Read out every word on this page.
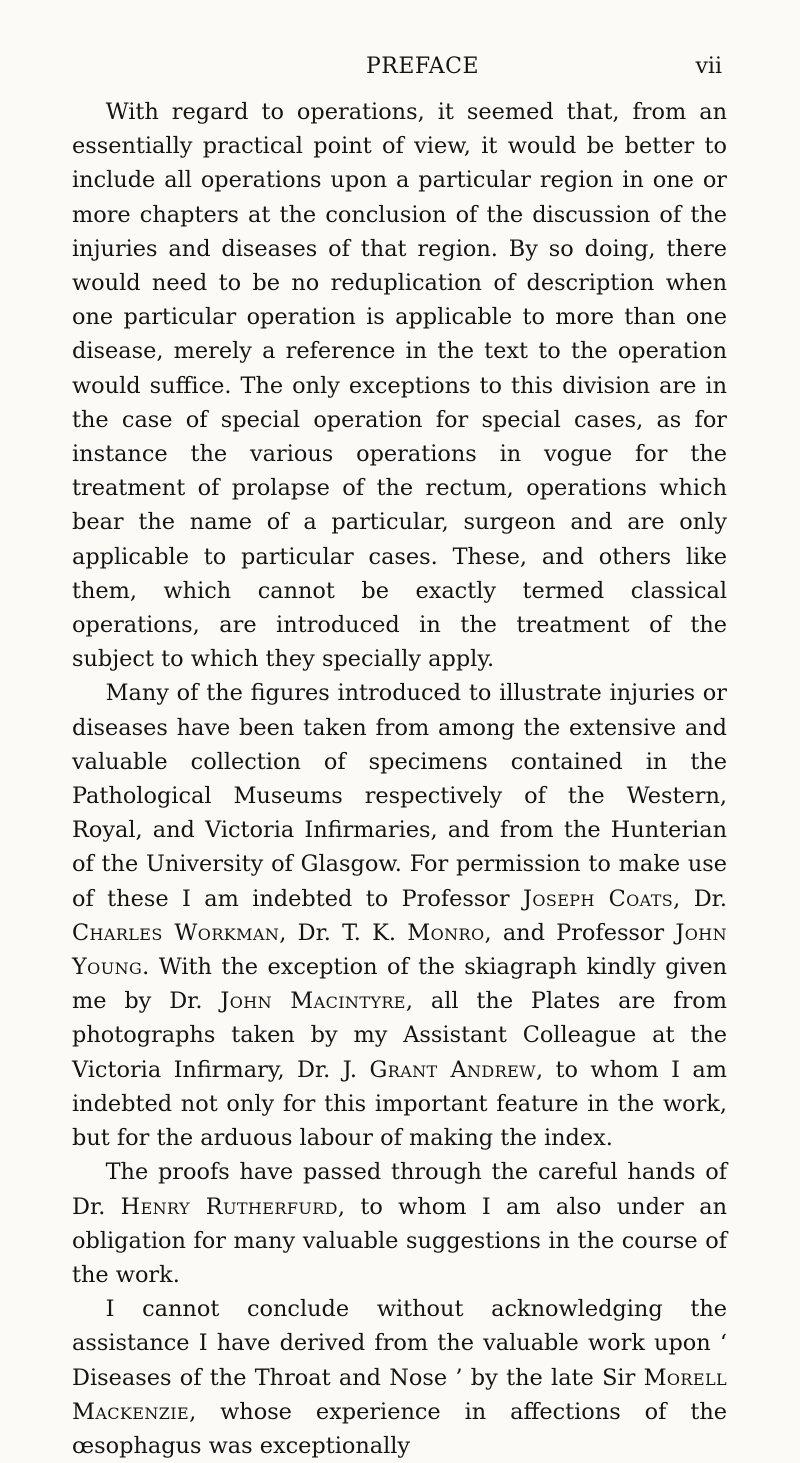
PREFACE	vii

With regard to operations, it seemed that, from an essentially practical point of view, it would be better to include all operations upon a particular region in one or more chapters at the conclusion of the discussion of the injuries and diseases of that region. By so doing, there would need to be no reduplication of description when one particular operation is applicable to more than one disease, merely a reference in the text to the operation would suffice. The only exceptions to this division are in the case of special operation for special cases, as for instance the various operations in vogue for the treatment of prolapse of the rectum, operations which bear the name of a particular, surgeon and are only applicable to particular cases. These, and others like them, which cannot be exactly termed classical operations, are introduced in the treatment of the subject to which they specially apply.

Many of the figures introduced to illustrate injuries or diseases have been taken from among the extensive and valuable collection of specimens contained in the Pathological Museums respectively of the Western, Royal, and Victoria Infirmaries, and from the Hunterian of the University of Glasgow. For permission to make use of these I am indebted to Professor Joseph Coats, Dr. Charles Workman, Dr. T. K. Monro, and Professor John Young. With the exception of the skiagraph kindly given me by Dr. John Macintyre, all the Plates are from photographs taken by my Assistant Colleague at the Victoria Infirmary, Dr. J. Grant Andrew, to whom I am indebted not only for this important feature in the work, but for the arduous labour of making the index.

The proofs have passed through the careful hands of Dr. Henry Rutherfurd, to whom I am also under an obligation for many valuable suggestions in the course of the work.

I cannot conclude without acknowledging the assistance I have derived from the valuable work upon ‘ Diseases of the Throat and Nose ’ by the late Sir Morell Mackenzie, whose experience in affections of the œsophagus was exceptionally
